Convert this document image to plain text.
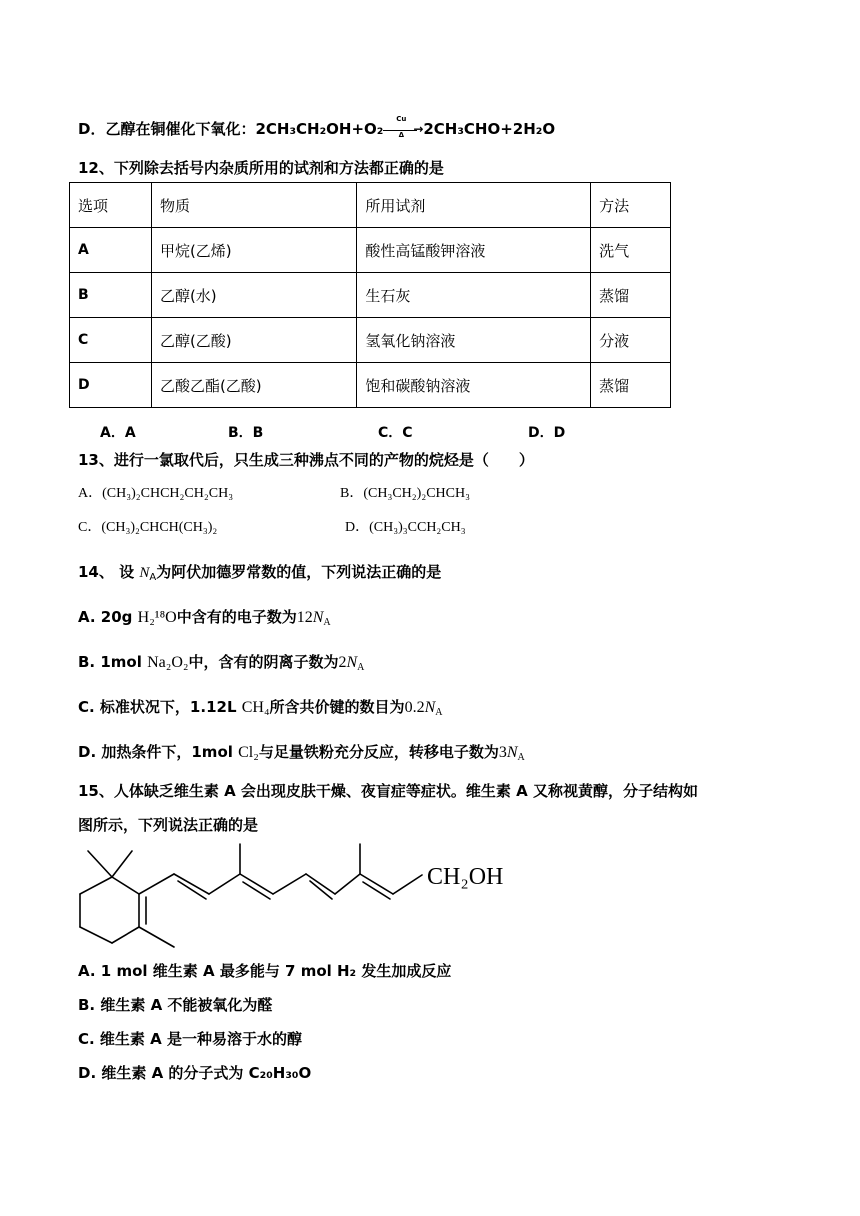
D．乙醇在铜催化下氧化：2CH₃CH₂OH+O₂
Cu
→
Δ	2CH₃CHO+2H₂O
12、下列除去括号内杂质所用的试剂和方法都正确的是
选项	物质	所用试剂	方法
A	甲烷(乙烯)	酸性高锰酸钾溶液	洗气
B	乙醇(水)	生石灰	蒸馏
C	乙醇(乙酸)	氢氧化钠溶液	分液
D	乙酸乙酯(乙酸)	饱和碳酸钠溶液	蒸馏
A．A	B．B	C．C	D．D
13、进行一氯取代后，只生成三种沸点不同的产物的烷烃是（　　）
A．(CH₃)₂CHCH₂CH₂CH₃	B．(CH₃CH₂)₂CHCH₃
C．(CH₃)₂CHCH(CH₃)₂	D．(CH₃)₃CCH₂CH₃
14、 设 $N_A$为阿伏加德罗常数的值，下列说法正确的是
A. 20g H₂¹⁸O中含有的电子数为$12N_A$
B. 1mol Na₂O₂中，含有的阴离子数为$2N_A$
C. 标准状况下，1.12L CH₄所含共价键的数目为$0.2N_A$
D. 加热条件下，1mol Cl₂与足量铁粉充分反应，转移电子数为$3N_A$
15、人体缺乏维生素 A 会出现皮肤干燥、夜盲症等症状。维生素 A 又称视黄醇，分子结构如
图所示，下列说法正确的是
CH₂OH
A. 1 mol 维生素 A 最多能与 7 mol H₂ 发生加成反应
B. 维生素 A 不能被氧化为醛
C. 维生素 A 是一种易溶于水的醇
D. 维生素 A 的分子式为 C₂₀H₃₀O
